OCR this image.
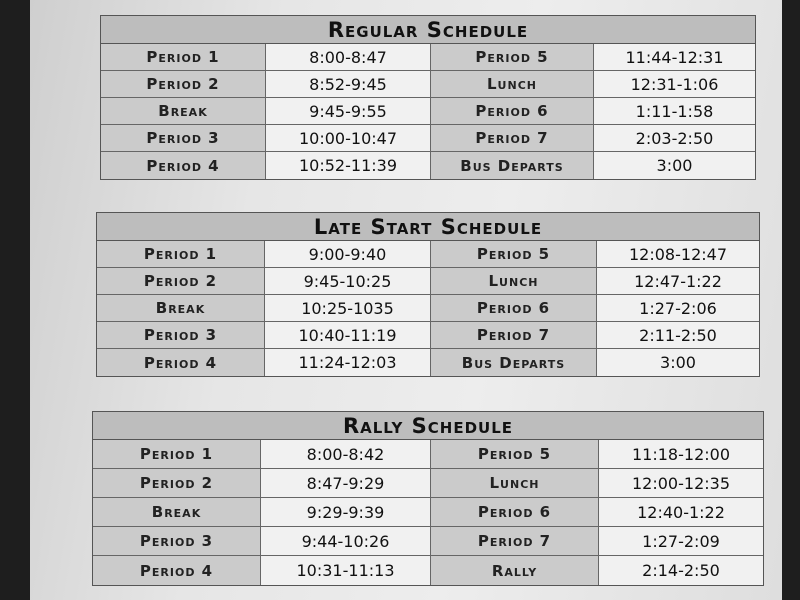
Regular Schedule
Period 1	8:00-8:47	Period 5	11:44-12:31
Period 2	8:52-9:45	Lunch	12:31-1:06
Break	9:45-9:55	Period 6	1:11-1:58
Period 3	10:00-10:47	Period 7	2:03-2:50
Period 4	10:52-11:39	Bus Departs	3:00
Late Start Schedule
Period 1	9:00-9:40	Period 5	12:08-12:47
Period 2	9:45-10:25	Lunch	12:47-1:22
Break	10:25-1035	Period 6	1:27-2:06
Period 3	10:40-11:19	Period 7	2:11-2:50
Period 4	11:24-12:03	Bus Departs	3:00
Rally Schedule
Period 1	8:00-8:42	Period 5	11:18-12:00
Period 2	8:47-9:29	Lunch	12:00-12:35
Break	9:29-9:39	Period 6	12:40-1:22
Period 3	9:44-10:26	Period 7	1:27-2:09
Period 4	10:31-11:13	Rally	2:14-2:50
